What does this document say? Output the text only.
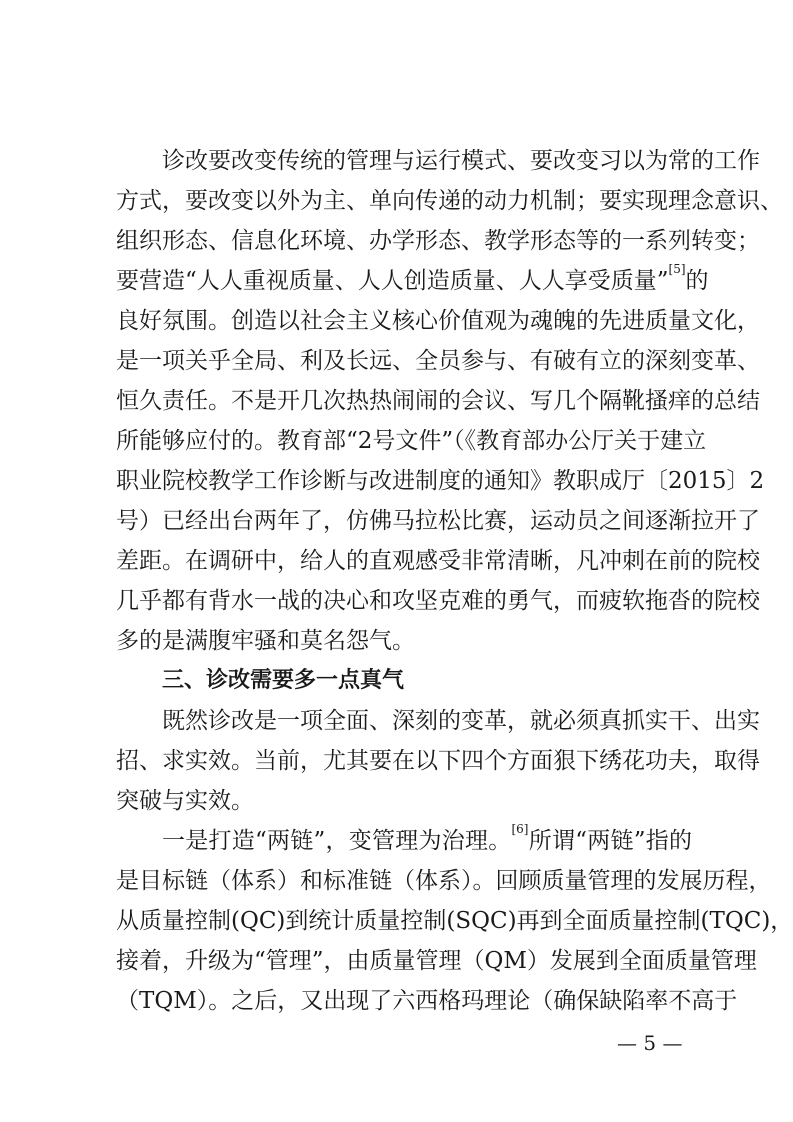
诊改要改变传统的管理与运行模式、要改变习以为常的工作
方式，要改变以外为主、单向传递的动力机制；要实现理念意识、
组织形态、信息化环境、办学形态、教学形态等的一系列转变；
要营造“人人重视质量、人人创造质量、人人享受质量”[5]的
良好氛围。创造以社会主义核心价值观为魂魄的先进质量文化，
是一项关乎全局、利及长远、全员参与、有破有立的深刻变革、
恒久责任。不是开几次热热闹闹的会议、写几个隔靴搔痒的总结
所能够应付的。教育部“2号文件”（《教育部办公厅关于建立
职业院校教学工作诊断与改进制度的通知》教职成厅〔2015〕2
号）已经出台两年了，仿佛马拉松比赛，运动员之间逐渐拉开了
差距。在调研中，给人的直观感受非常清晰，凡冲刺在前的院校
几乎都有背水一战的决心和攻坚克难的勇气，而疲软拖沓的院校
多的是满腹牢骚和莫名怨气。
三、诊改需要多一点真气
既然诊改是一项全面、深刻的变革，就必须真抓实干、出实
招、求实效。当前，尤其要在以下四个方面狠下绣花功夫，取得
突破与实效。
一是打造“两链”，变管理为治理。[6]所谓“两链”指的
是目标链（体系）和标准链（体系）。回顾质量管理的发展历程，
从质量控制(QC)到统计质量控制(SQC)再到全面质量控制(TQC)，
接着，升级为“管理”，由质量管理（QM）发展到全面质量管理
（TQM）。之后，又出现了六西格玛理论（确保缺陷率不高于
— 5 —
